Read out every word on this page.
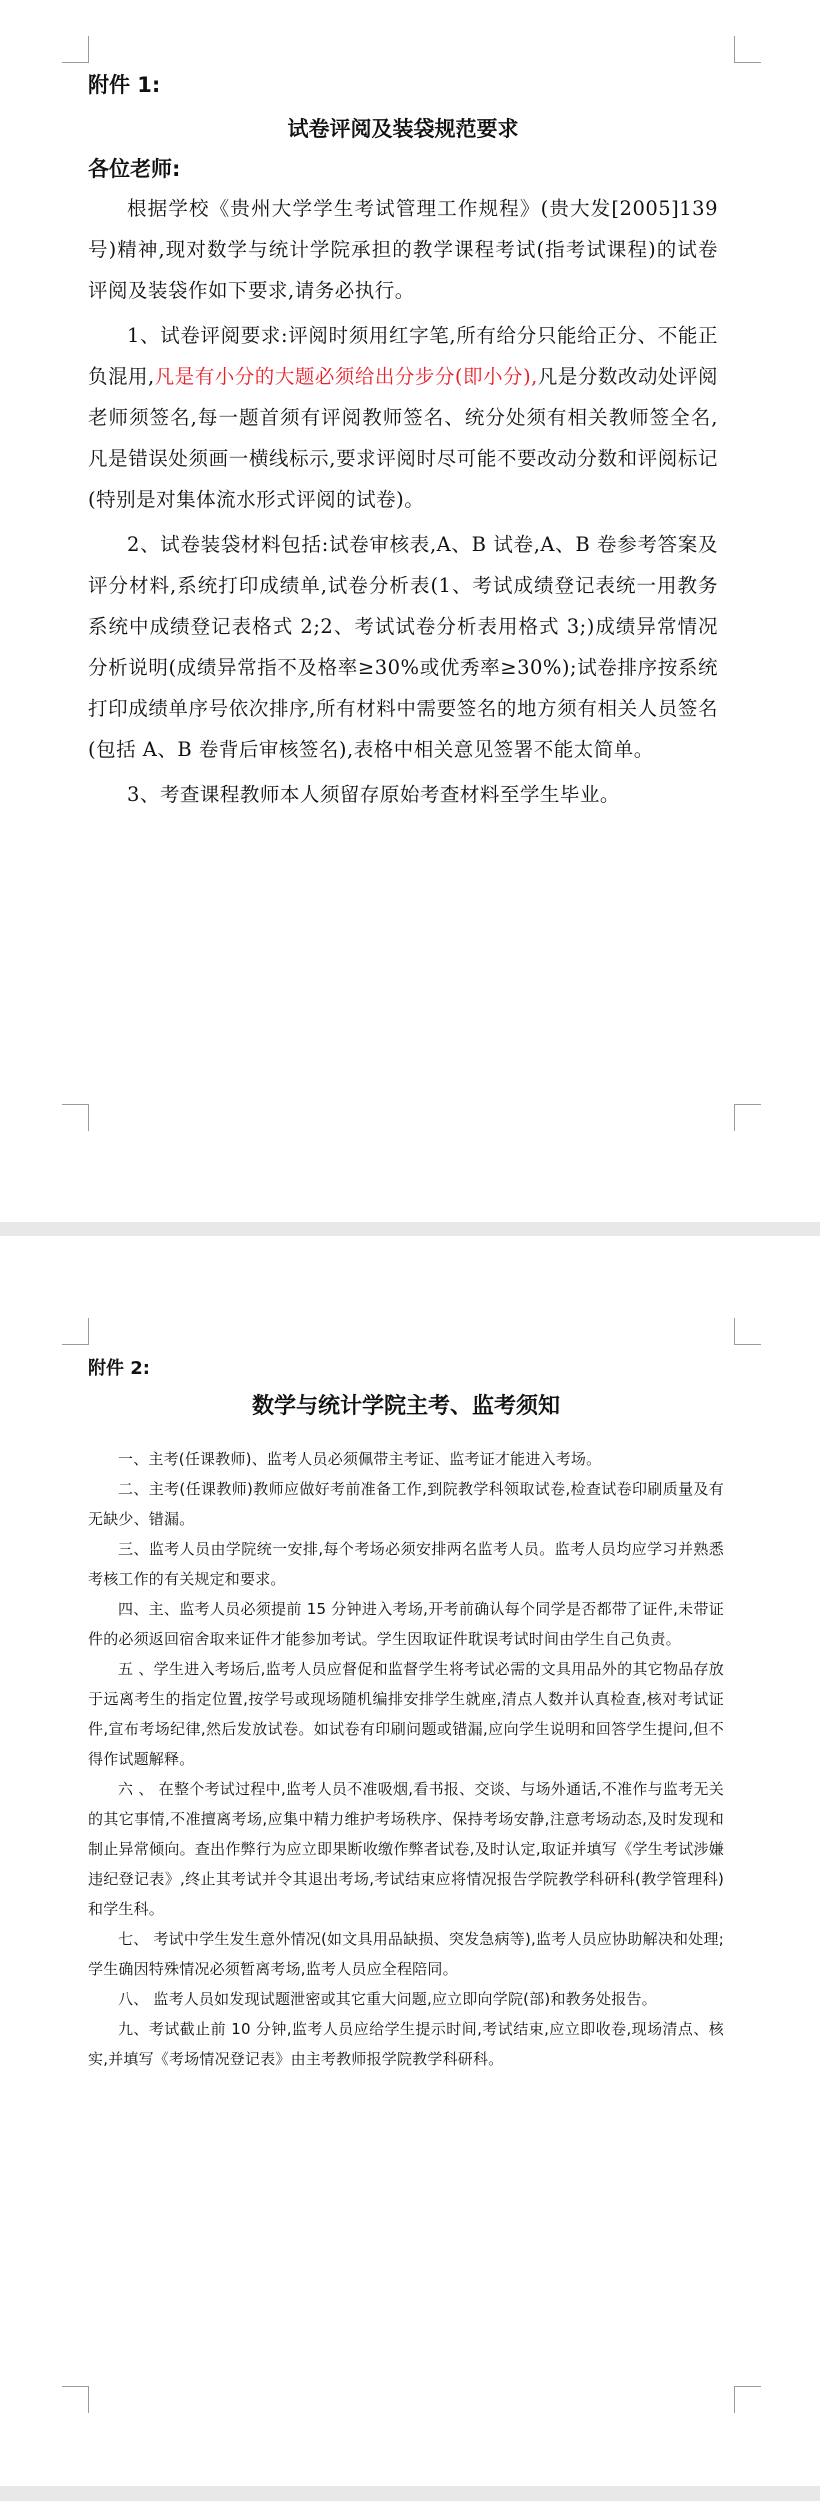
附件 1:
试卷评阅及装袋规范要求
各位老师:

根据学校《贵州大学学生考试管理工作规程》(贵大发[2005]139 号)精神,现对数学与统计学院承担的教学课程考试(指考试课程)的试卷评阅及装袋作如下要求,请务必执行。

1、试卷评阅要求:评阅时须用红字笔,所有给分只能给正分、不能正负混用,凡是有小分的大题必须给出分步分(即小分),凡是分数改动处评阅老师须签名,每一题首须有评阅教师签名、统分处须有相关教师签全名,凡是错误处须画一横线标示,要求评阅时尽可能不要改动分数和评阅标记(特别是对集体流水形式评阅的试卷)。

2、试卷装袋材料包括:试卷审核表,A、B 试卷,A、B 卷参考答案及评分材料,系统打印成绩单,试卷分析表(1、考试成绩登记表统一用教务系统中成绩登记表格式 2;2、考试试卷分析表用格式 3;)成绩异常情况分析说明(成绩异常指不及格率≥30%或优秀率≥30%);试卷排序按系统打印成绩单序号依次排序,所有材料中需要签名的地方须有相关人员签名(包括 A、B 卷背后审核签名),表格中相关意见签署不能太简单。

3、考查课程教师本人须留存原始考查材料至学生毕业。

附件 2:
数学与统计学院主考、监考须知

一、主考(任课教师)、监考人员必须佩带主考证、监考证才能进入考场。

二、主考(任课教师)教师应做好考前准备工作,到院教学科领取试卷,检查试卷印刷质量及有无缺少、错漏。

三、监考人员由学院统一安排,每个考场必须安排两名监考人员。监考人员均应学习并熟悉考核工作的有关规定和要求。

四、主、监考人员必须提前 15 分钟进入考场,开考前确认每个同学是否都带了证件,未带证件的必须返回宿舍取来证件才能参加考试。学生因取证件耽误考试时间由学生自己负责。

五 、学生进入考场后,监考人员应督促和监督学生将考试必需的文具用品外的其它物品存放于远离考生的指定位置,按学号或现场随机编排安排学生就座,清点人数并认真检查,核对考试证件,宣布考场纪律,然后发放试卷。如试卷有印刷问题或错漏,应向学生说明和回答学生提问,但不得作试题解释。

六 、 在整个考试过程中,监考人员不准吸烟,看书报、交谈、与场外通话,不准作与监考无关的其它事情,不准擅离考场,应集中精力维护考场秩序、保持考场安静,注意考场动态,及时发现和制止异常倾向。查出作弊行为应立即果断收缴作弊者试卷,及时认定,取证并填写《学生考试涉嫌违纪登记表》,终止其考试并令其退出考场,考试结束应将情况报告学院教学科研科(教学管理科)和学生科。

七、 考试中学生发生意外情况(如文具用品缺损、突发急病等),监考人员应协助解决和处理;学生确因特殊情况必须暂离考场,监考人员应全程陪同。

八、 监考人员如发现试题泄密或其它重大问题,应立即向学院(部)和教务处报告。

九、考试截止前 10 分钟,监考人员应给学生提示时间,考试结束,应立即收卷,现场清点、核实,并填写《考场情况登记表》由主考教师报学院教学科研科。
